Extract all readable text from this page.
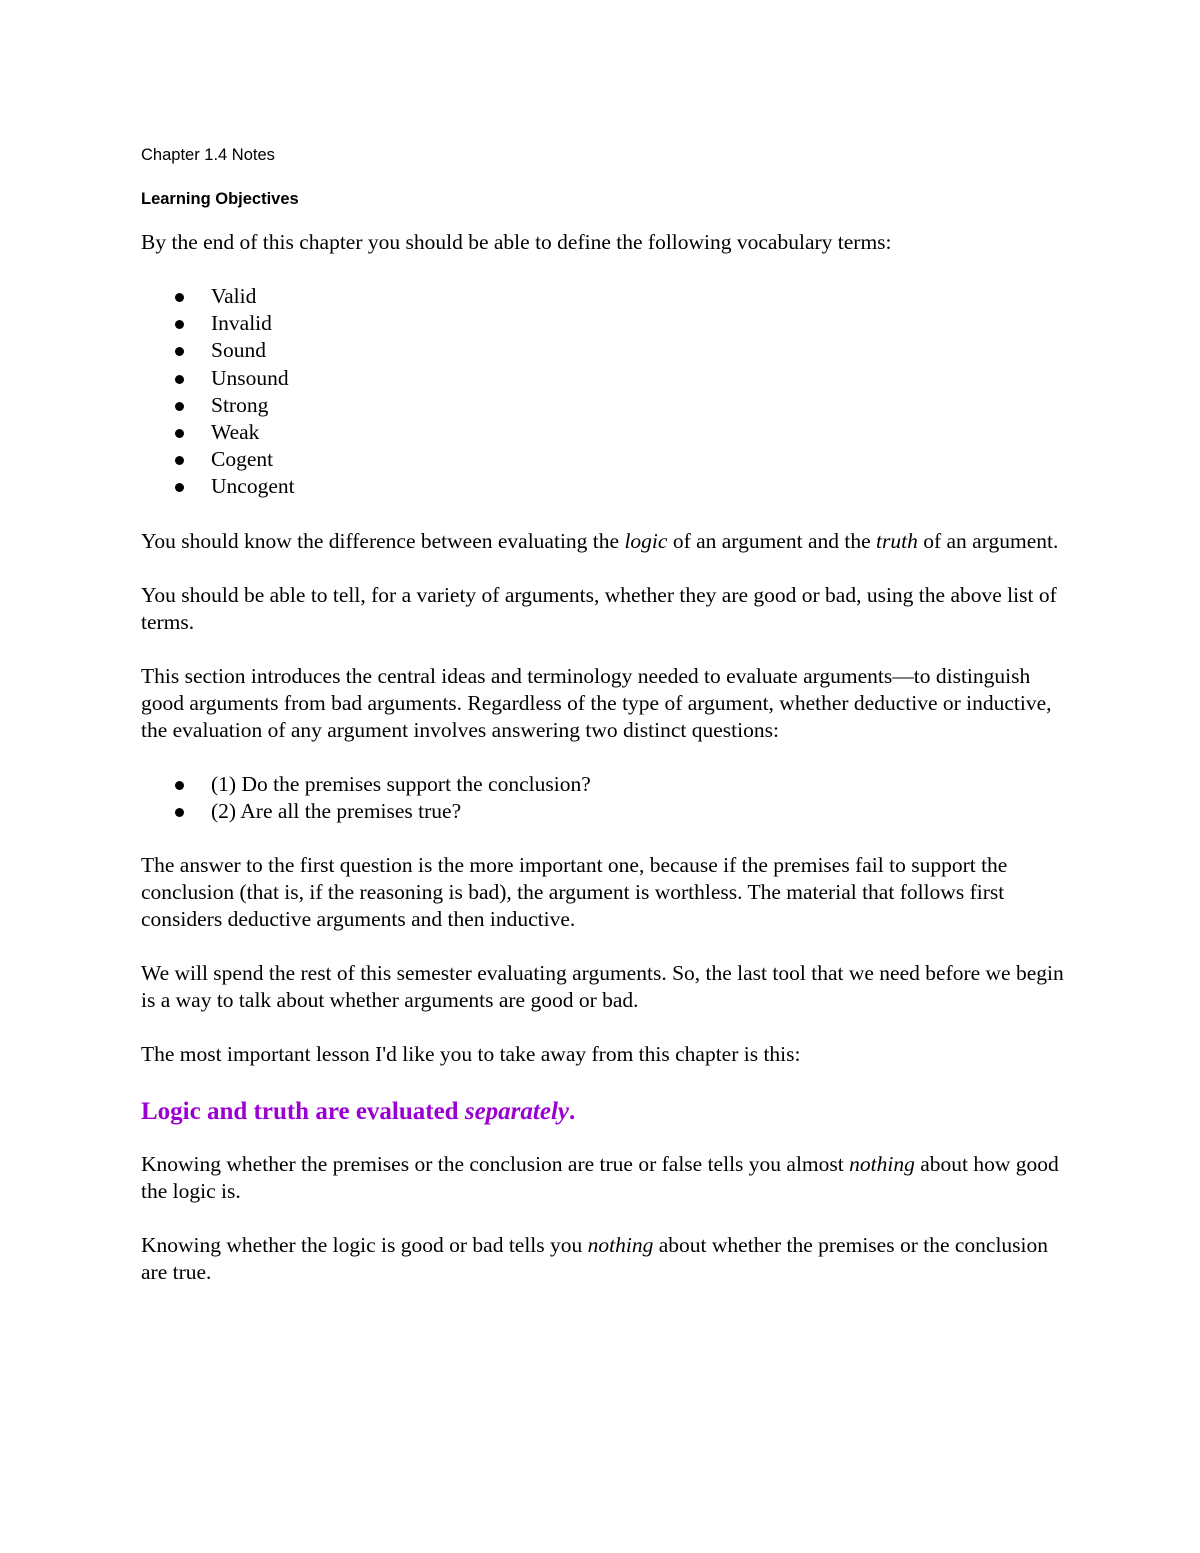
Chapter 1.4 Notes

Learning Objectives

By the end of this chapter you should be able to define the following vocabulary terms:

Valid
Invalid
Sound
Unsound
Strong
Weak
Cogent
Uncogent

You should know the difference between evaluating the logic of an argument and the truth of an argument.

You should be able to tell, for a variety of arguments, whether they are good or bad, using the above list of terms.

This section introduces the central ideas and terminology needed to evaluate arguments—to distinguish good arguments from bad arguments. Regardless of the type of argument, whether deductive or inductive, the evaluation of any argument involves answering two distinct questions:

(1) Do the premises support the conclusion?
(2) Are all the premises true?

The answer to the first question is the more important one, because if the premises fail to support the conclusion (that is, if the reasoning is bad), the argument is worthless. The material that follows first considers deductive arguments and then inductive.

We will spend the rest of this semester evaluating arguments. So, the last tool that we need before we begin is a way to talk about whether arguments are good or bad.

The most important lesson I'd like you to take away from this chapter is this:

Logic and truth are evaluated separately.

Knowing whether the premises or the conclusion are true or false tells you almost nothing about how good the logic is.

Knowing whether the logic is good or bad tells you nothing about whether the premises or the conclusion are true.
